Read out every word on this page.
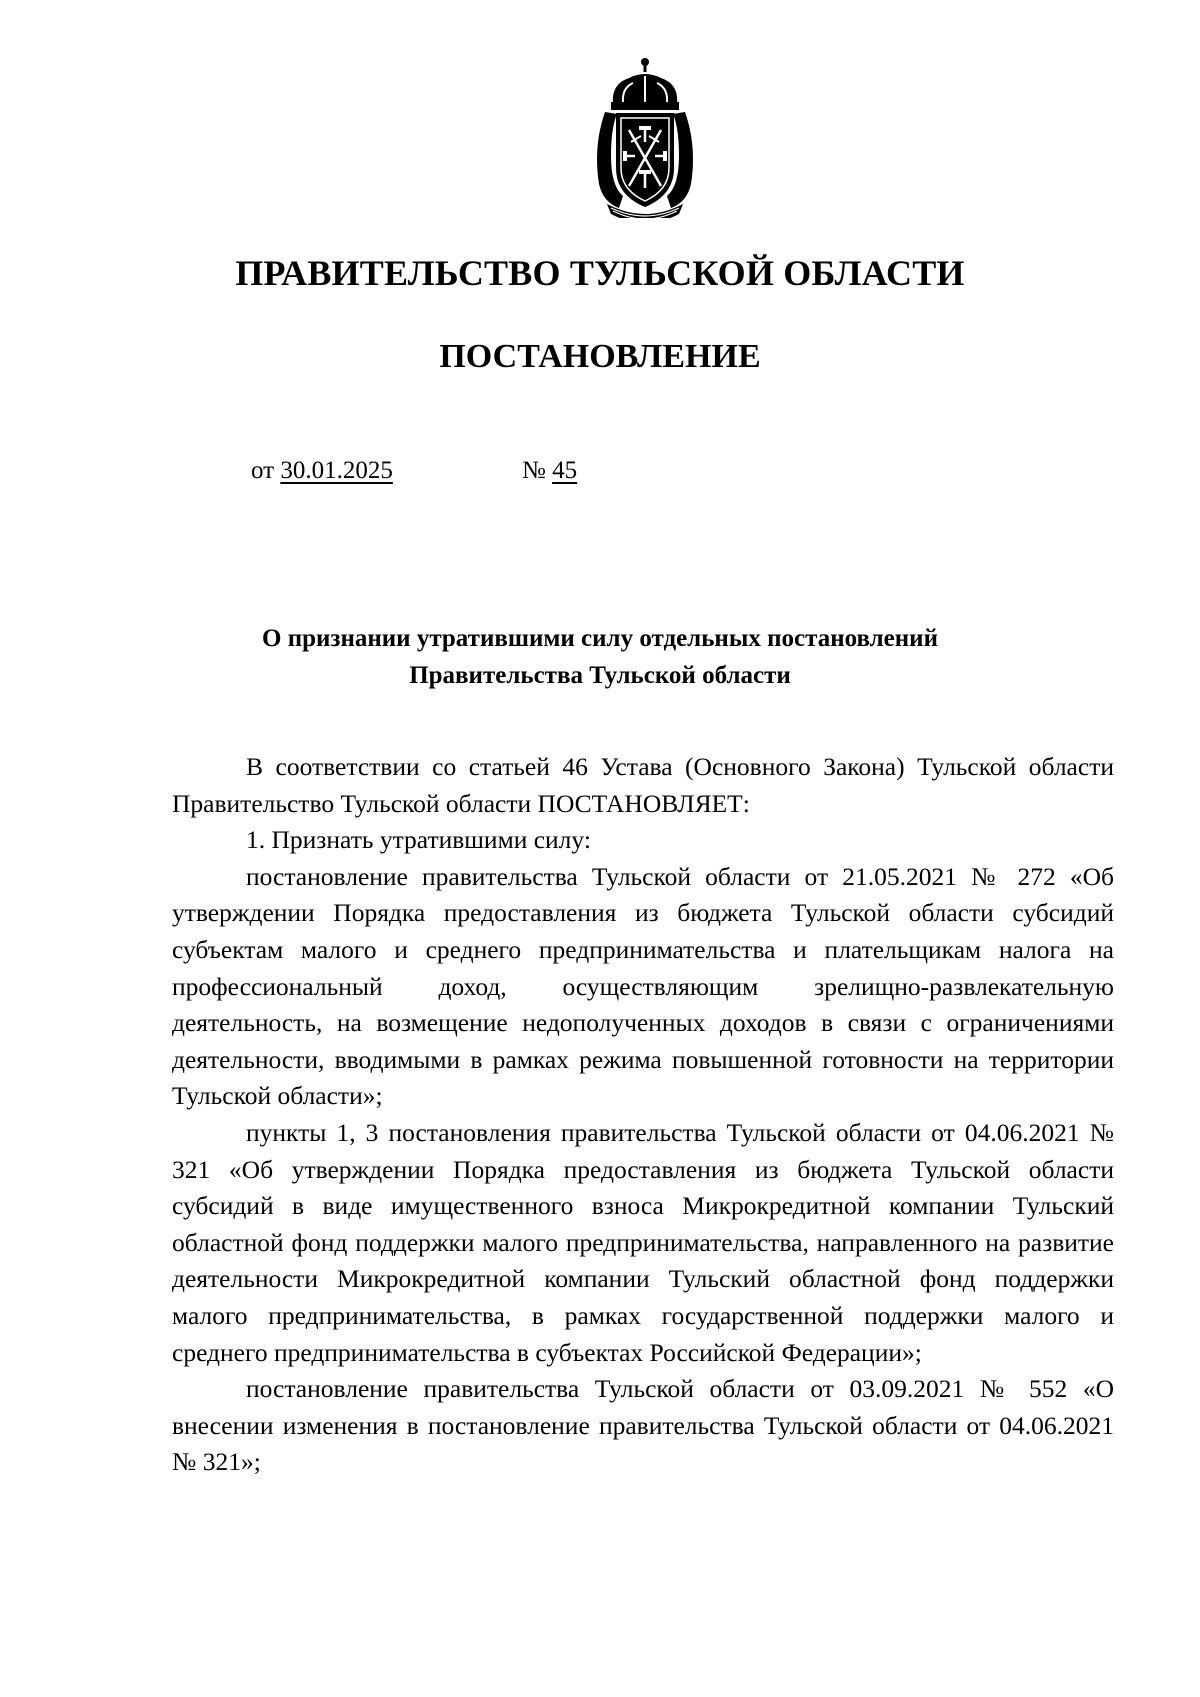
ПРАВИТЕЛЬСТВО ТУЛЬСКОЙ ОБЛАСТИ
ПОСТАНОВЛЕНИЕ
от 30.01.2025	№ 45
О признании утратившими силу отдельных постановлений
Правительства Тульской области

В соответствии со статьей 46 Устава (Основного Закона) Тульской области Правительство Тульской области ПОСТАНОВЛЯЕТ:

1. Признать утратившими силу:

постановление правительства Тульской области от 21.05.2021 № 272 «Об утверждении Порядка предоставления из бюджета Тульской области субсидий субъектам малого и среднего предпринимательства и плательщикам налога на профессиональный доход, осуществляющим зрелищно-развлекательную деятельность, на возмещение недополученных доходов в связи с ограничениями деятельности, вводимыми в рамках режима повышенной готовности на территории Тульской области»;

пункты 1, 3 постановления правительства Тульской области от 04.06.2021 № 321 «Об утверждении Порядка предоставления из бюджета Тульской области субсидий в виде имущественного взноса Микрокредитной компании Тульский областной фонд поддержки малого предпринимательства, направленного на развитие деятельности Микрокредитной компании Тульский областной фонд поддержки малого предпринимательства, в рамках государственной поддержки малого и среднего предпринимательства в субъектах Российской Федерации»;

постановление правительства Тульской области от 03.09.2021 № 552 «О внесении изменения в постановление правительства Тульской области от 04.06.2021 № 321»;
